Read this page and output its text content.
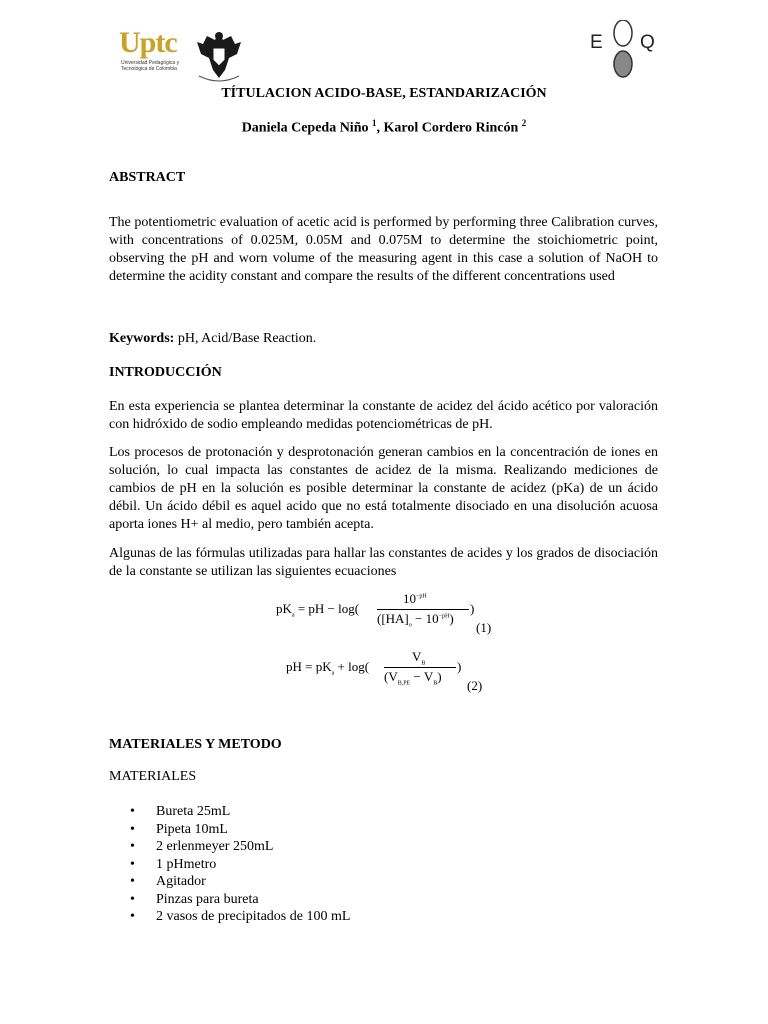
Uptc
Universidad Pedagógica y
Tecnológica de Colombia
E Q
TÍTULACION ACIDO-BASE, ESTANDARIZACIÓN
Daniela Cepeda Niño $^1$, Karol Cordero Rincón $^2$
ABSTRACT
The potentiometric evaluation of acetic acid is performed by performing three Calibration curves, with concentrations of 0.025M, 0.05M and 0.075M to determine the stoichiometric point, observing the pH and worn volume of the measuring agent in this case a solution of NaOH to determine the acidity constant and compare the results of the different concentrations used
Keywords: pH, Acid/Base Reaction.
INTRODUCCIÓN
En esta experiencia se plantea determinar la constante de acidez del ácido acético por valoración con hidróxido de sodio empleando medidas potenciométricas de pH.
Los procesos de protonación y desprotonación generan cambios en la concentración de iones en solución, lo cual impacta las constantes de acidez de la misma. Realizando mediciones de cambios de pH en la solución es posible determinar la constante de acidez (pKa) de un ácido débil. Un ácido débil es aquel acido que no está totalmente disociado en una disolución acuosa aporta iones H+ al medio, pero también acepta.
Algunas de las fórmulas utilizadas para hallar las constantes de acides y los grados de disociación de la constante se utilizan las siguientes ecuaciones
$pK_a$ = pH − log(
$10^{-pH}$
$([HA]_o - 10^{-pH})$
)
(1)
pH = $pK_a + \log$(
$V_B$
$(V_{B,PE} - V_B)$
)
(2)
MATERIALES Y METODO
MATERIALES
• Bureta 25mL
• Pipeta 10mL
• 2 erlenmeyer 250mL
• 1 pHmetro
• Agitador
• Pinzas para bureta
• 2 vasos de precipitados de 100 mL
